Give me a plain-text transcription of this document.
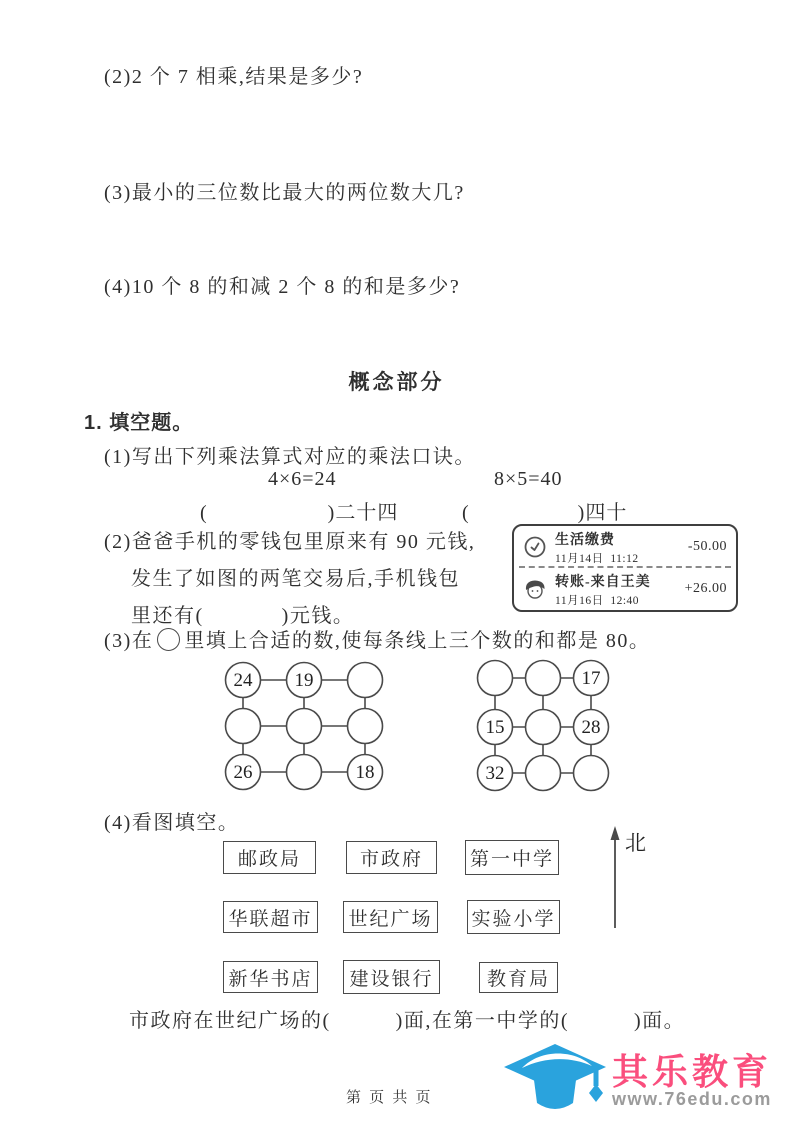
(2)2 个 7 相乘,结果是多少?
(3)最小的三位数比最大的两位数大几?
(4)10 个 8 的和减 2 个 8 的和是多少?
概念部分
1. 填空题。
(1)写出下列乘法算式对应的乘法口诀。
4×6=24	8×5=40
(                    )二十四	(                  )四十
(2)爸爸手机的零钱包里原来有 90 元钱,
发生了如图的两笔交易后,手机钱包
里还有(            )元钱。
生活缴费
11月14日  11:12
-50.00
转账-来自王美
11月16日  12:40
+26.00
(3)在 里填上合适的数,使每条线上三个数的和都是 80。
24 19
26	18
17
15	28
32
(4)看图填空。
邮政局	市政府	第一中学
华联超市 世纪广场 实验小学
新华书店	建设银行	教育局
北
市政府在世纪广场的(          )面,在第一中学的(          )面。
第 页 共 页
其乐教育
www.76edu.com
